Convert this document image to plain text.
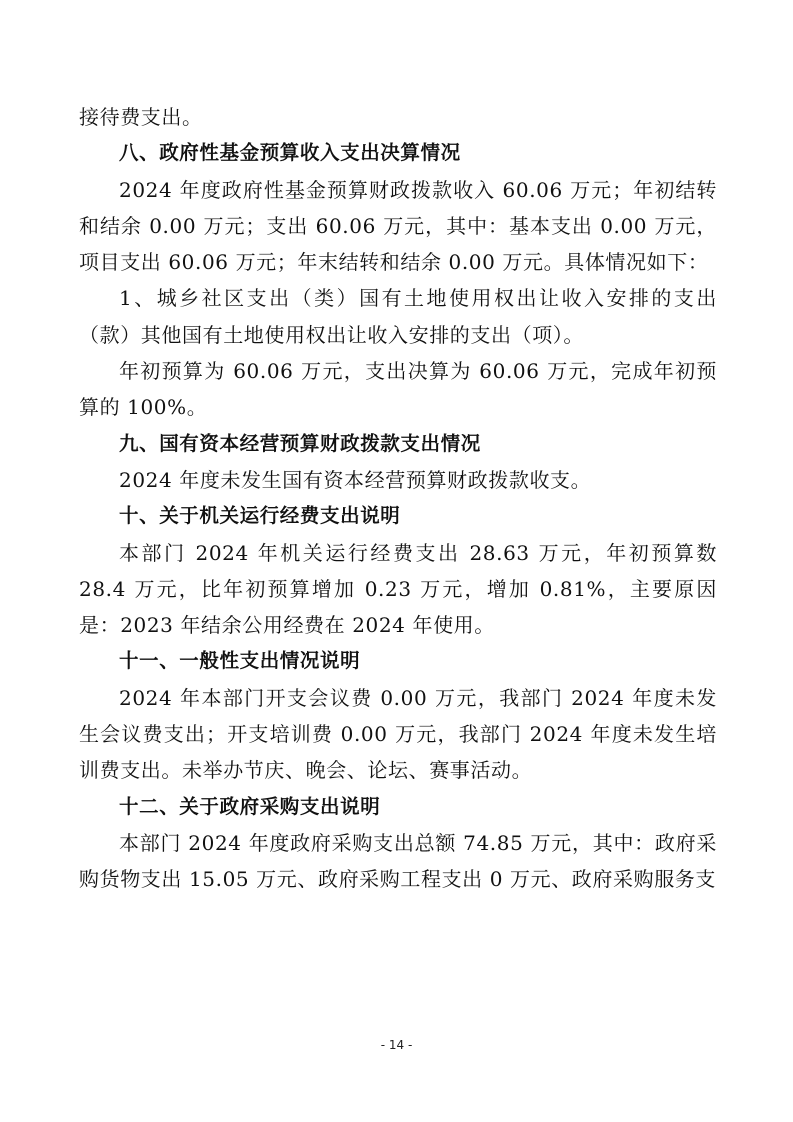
接待费支出。

八、政府性基金预算收入支出决算情况

2024 年度政府性基金预算财政拨款收入 60.06 万元；年初结转和结余 0.00 万元；支出 60.06 万元，其中：基本支出 0.00 万元，项目支出 60.06 万元；年末结转和结余 0.00 万元。具体情况如下：

1、城乡社区支出（类）国有土地使用权出让收入安排的支出（款）其他国有土地使用权出让收入安排的支出（项）。

年初预算为 60.06 万元，支出决算为 60.06 万元，完成年初预算的 100%。

九、国有资本经营预算财政拨款支出情况

2024 年度未发生国有资本经营预算财政拨款收支。

十、关于机关运行经费支出说明

本部门 2024 年机关运行经费支出 28.63 万元，年初预算数 28.4 万元，比年初预算增加 0.23 万元，增加 0.81%，主要原因是：2023 年结余公用经费在 2024 年使用。

十一、一般性支出情况说明

2024 年本部门开支会议费 0.00 万元，我部门 2024 年度未发生会议费支出；开支培训费 0.00 万元，我部门 2024 年度未发生培训费支出。未举办节庆、晚会、论坛、赛事活动。

十二、关于政府采购支出说明

本部门 2024 年度政府采购支出总额 74.85 万元，其中：政府采购货物支出 15.05 万元、政府采购工程支出 0 万元、政府采购服务支

- 14 -
